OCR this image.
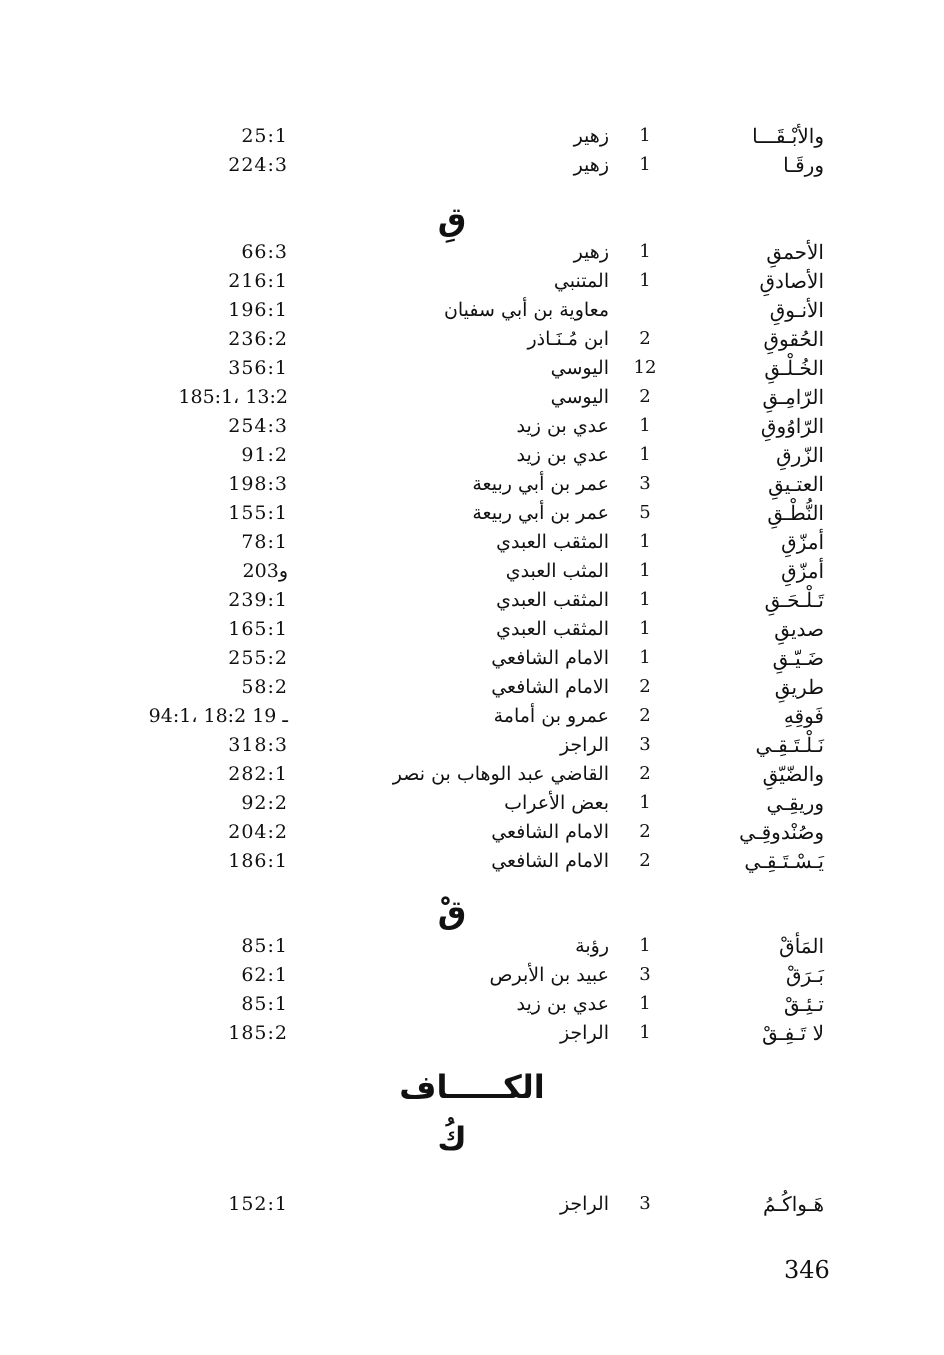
والأبْـقَـــا
1
زهير
25:1
ورقَـا
1
زهير
224:3
قِ
الأحمقِ
1
زهير
66:3
الأصادقِ
1
المتنبي
216:1
الأنـوقِ
معاوية بن أبي سفيان
196:1
الحُقوقِ
2
ابن مُـنَـاذر
236:2
الخُـلْـقِ
12
اليوسي
356:1
الرّامِـقِ
2
اليوسي
185:1، 13:2
الرّاوُوقِ
1
عدي بن زيد
254:3
الزّرقِ
1
عدي بن زيد
91:2
العتـيقِ
3
عمر بن أبي ربيعة
198:3
النُّطْـقِ
5
عمر بن أبي ربيعة
155:1
أمزّقِ
1
المثقب العبدي
78:1
أمزّقِ
1
المثب العبدي
203و
تَـلْـحَـقِ
1
المثقب العبدي
239:1
صديقِ
1
المثقب العبدي
165:1
ضَـيّـقِ
1
الامام الشافعي
255:2
طريقِ
2
الامام الشافعي
58:2
فَوقِهِ
2
عمرو بن أمامة
94:1، 18:2 ـ 19
نَـلْـتَـقِـي
3
الراجز
318:3
والضّيّقِ
2
القاضي عبد الوهاب بن نصر
282:1
وريقِـي
1
بعض الأعراب
92:2
وصُنْدوقِـي
2
الامام الشافعي
204:2
يَـسْـتَـقِـي
2
الامام الشافعي
186:1
قْ
المَأقْ
1
رؤبة
85:1
بَـرَقْ
3
عبيد بن الأبرص
62:1
تـئِـقْ
1
عدي بن زيد
85:1
لا تَـفِـقْ
1
الراجز
185:2
الكـــــاف
كُ
هَـواكُـمُ
3
الراجز
152:1
346
